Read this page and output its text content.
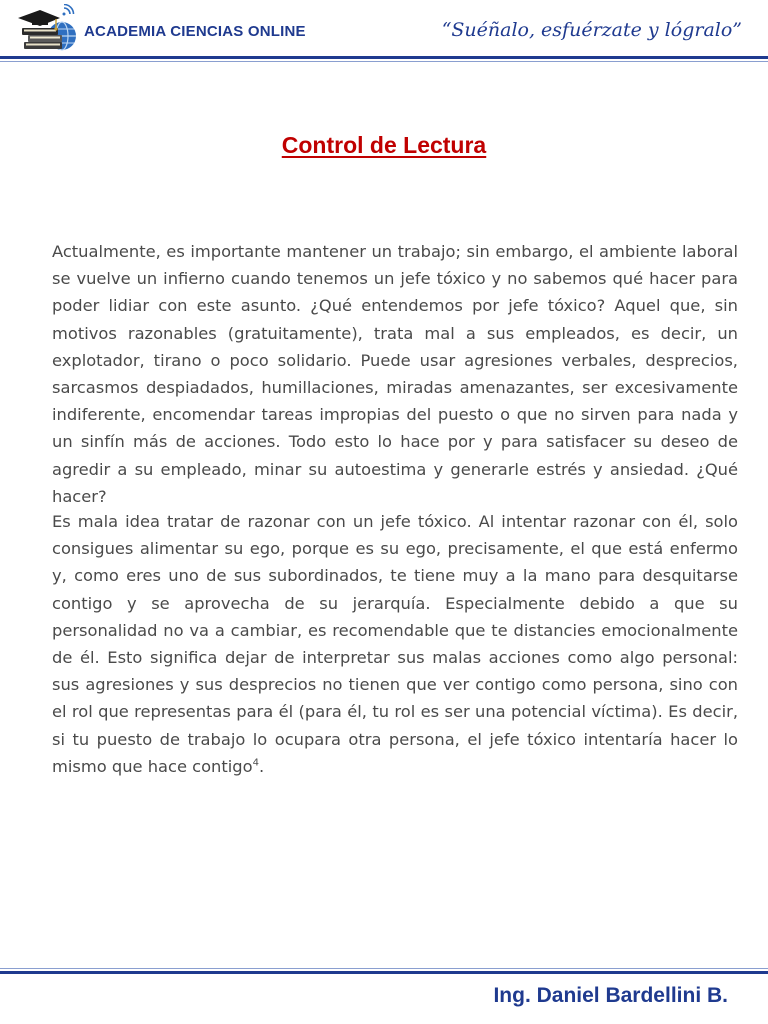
ACADEMIA CIENCIAS ONLINE	“Suéñalo, esfuérzate y lógralo”
Control de Lectura

Actualmente, es importante mantener un trabajo; sin embargo, el ambiente laboral se vuelve un infierno cuando tenemos un jefe tóxico y no sabemos qué hacer para poder lidiar con este asunto. ¿Qué entendemos por jefe tóxico? Aquel que, sin motivos razonables (gratuitamente), trata mal a sus empleados, es decir, un explotador, tirano o poco solidario. Puede usar agresiones verbales, desprecios, sarcasmos despiadados, humillaciones, miradas amenazantes, ser excesivamente indiferente, encomendar tareas impropias del puesto o que no sirven para nada y un sinfín más de acciones. Todo esto lo hace por y para satisfacer su deseo de agredir a su empleado, minar su autoestima y generarle estrés y ansiedad. ¿Qué hacer?

Es mala idea tratar de razonar con un jefe tóxico. Al intentar razonar con él, solo consigues alimentar su ego, porque es su ego, precisamente, el que está enfermo y, como eres uno de sus subordinados, te tiene muy a la mano para desquitarse contigo y se aprovecha de su jerarquía. Especialmente debido a que su personalidad no va a cambiar, es recomendable que te distancies emocionalmente de él. Esto significa dejar de interpretar sus malas acciones como algo personal: sus agresiones y sus desprecios no tienen que ver contigo como persona, sino con el rol que representas para él (para él, tu rol es ser una potencial víctima). Es decir, si tu puesto de trabajo lo ocupara otra persona, el jefe tóxico intentaría hacer lo mismo que hace contigo$^4$.

Ing. Daniel Bardellini B.
